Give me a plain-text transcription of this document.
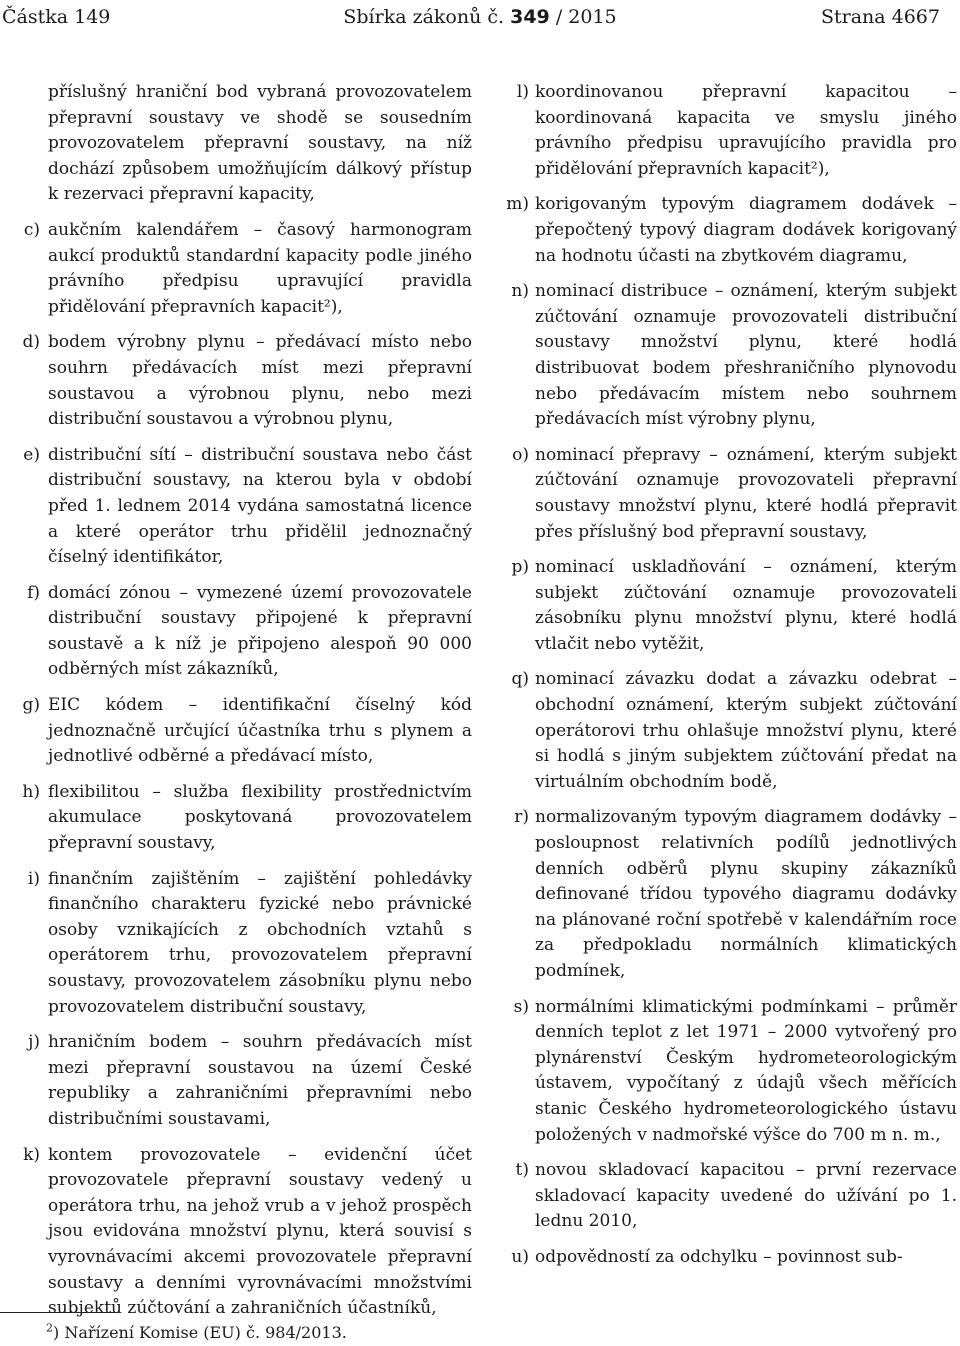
Částka 149	Sbírka zákonů č. 349 / 2015	Strana 4667
příslušný hraniční bod vybraná provozovatelem přepravní soustavy ve shodě se sousedním provozovatelem přepravní soustavy, na níž dochází způsobem umožňujícím dálkový přístup k rezervaci přepravní kapacity,
c) aukčním kalendářem – časový harmonogram aukcí produktů standardní kapacity podle jiného právního předpisu upravující pravidla přidělování přepravních kapacit²),
d) bodem výrobny plynu – předávací místo nebo souhrn předávacích míst mezi přepravní soustavou a výrobnou plynu, nebo mezi distribuční soustavou a výrobnou plynu,
e) distribuční sítí – distribuční soustava nebo část distribuční soustavy, na kterou byla v období před 1. lednem 2014 vydána samostatná licence a které operátor trhu přidělil jednoznačný číselný identifikátor,
f) domácí zónou – vymezené území provozovatele distribuční soustavy připojené k přepravní soustavě a k níž je připojeno alespoň 90 000 odběrných míst zákazníků,
g) EIC kódem – identifikační číselný kód jednoznačně určující účastníka trhu s plynem a jednotlivé odběrné a předávací místo,
h) flexibilitou – služba flexibility prostřednictvím akumulace poskytovaná provozovatelem přepravní soustavy,
i) finančním zajištěním – zajištění pohledávky finančního charakteru fyzické nebo právnické osoby vznikajících z obchodních vztahů s operátorem trhu, provozovatelem přepravní soustavy, provozovatelem zásobníku plynu nebo provozovatelem distribuční soustavy,
j) hraničním bodem – souhrn předávacích míst mezi přepravní soustavou na území České republiky a zahraničními přepravními nebo distribučními soustavami,
k) kontem provozovatele – evidenční účet provozovatele přepravní soustavy vedený u operátora trhu, na jehož vrub a v jehož prospěch jsou evidována množství plynu, která souvisí s vyrovnávacími akcemi provozovatele přepravní soustavy a denními vyrovnávacími množstvími subjektů zúčtování a zahraničních účastníků,
l) koordinovanou přepravní kapacitou – koordinovaná kapacita ve smyslu jiného právního předpisu upravujícího pravidla pro přidělování přepravních kapacit²),
m) korigovaným typovým diagramem dodávek – přepočtený typový diagram dodávek korigovaný na hodnotu účasti na zbytkovém diagramu,
n) nominací distribuce – oznámení, kterým subjekt zúčtování oznamuje provozovateli distribuční soustavy množství plynu, které hodlá distribuovat bodem přeshraničního plynovodu nebo předávacím místem nebo souhrnem předávacích míst výrobny plynu,
o) nominací přepravy – oznámení, kterým subjekt zúčtování oznamuje provozovateli přepravní soustavy množství plynu, které hodlá přepravit přes příslušný bod přepravní soustavy,
p) nominací uskladňování – oznámení, kterým subjekt zúčtování oznamuje provozovateli zásobníku plynu množství plynu, které hodlá vtlačit nebo vytěžit,
q) nominací závazku dodat a závazku odebrat – obchodní oznámení, kterým subjekt zúčtování operátorovi trhu ohlašuje množství plynu, které si hodlá s jiným subjektem zúčtování předat na virtuálním obchodním bodě,
r) normalizovaným typovým diagramem dodávky – posloupnost relativních podílů jednotlivých denních odběrů plynu skupiny zákazníků definované třídou typového diagramu dodávky na plánované roční spotřebě v kalendářním roce za předpokladu normálních klimatických podmínek,
s) normálními klimatickými podmínkami – průměr denních teplot z let 1971 – 2000 vytvořený pro plynárenství Českým hydrometeorologickým ústavem, vypočítaný z údajů všech měřících stanic Českého hydrometeorologického ústavu položených v nadmořské výšce do 700 m n. m.,
t) novou skladovací kapacitou – první rezervace skladovací kapacity uvedené do užívání po 1. lednu 2010,
u) odpovědností za odchylku – povinnost sub-
$^2$) Nařízení Komise (EU) č. 984/2013.
